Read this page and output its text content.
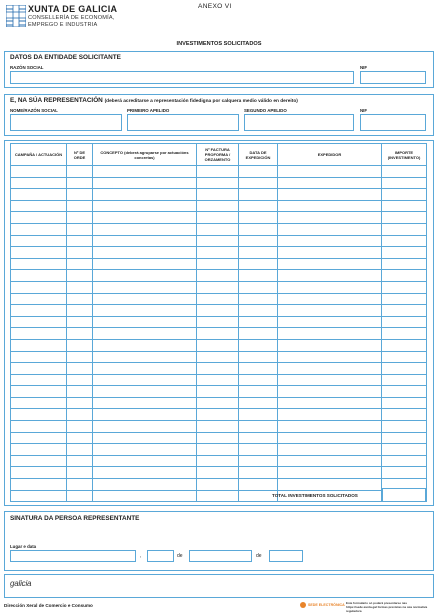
XUNTA DE GALICIA
CONSELLERÍA DE ECONOMÍA,
EMPREGO E INDUSTRIA
ANEXO VI
INVESTIMENTOS SOLICITADOS
DATOS DA ENTIDADE SOLICITANTE
RAZÓN SOCIAL	NIF
E, NA SÚA REPRESENTACIÓN (deberá acreditarse a representación fidedigna por calquera medio válido en dereito)
NOME/RAZÓN SOCIAL	PRIMEIRO APELIDO	SEGUNDO APELIDO	NIF
CAMPAÑA / ACTUACIÓN	Nº DE ORDE	CONCEPTO (deberá agruparse por actuacións concretas)	Nº FACTURA PROFORMA / ORZAMENTO	DATA DE EXPEDICIÓN	EXPEDIDOR	IMPORTE (INVESTIMENTO)

TOTAL INVESTIMENTOS SOLICITADOS
SINATURA DA PERSOA REPRESENTANTE
Lugar e data
,	de	de
galicia
Dirección Xeral de Comercio e Consumo	SEDE ELECTRÓNICA Este formulario só poderá presentarse nas
https://sede.xunta.gal formas previstas na súa normativa reguladora
